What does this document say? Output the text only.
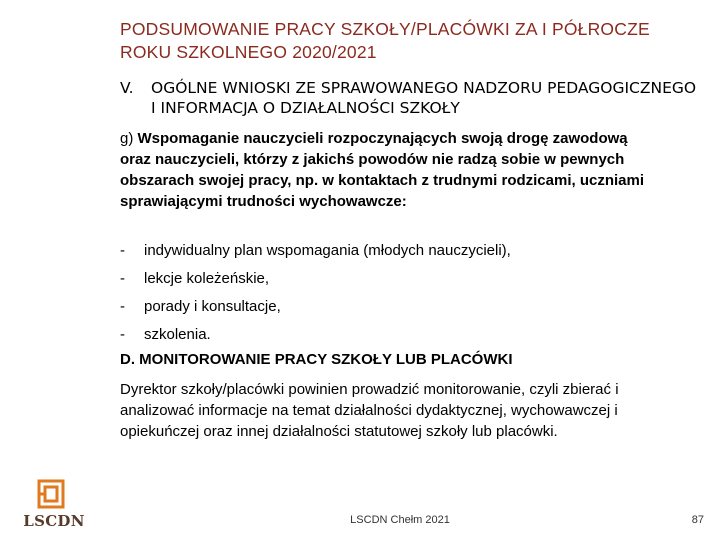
PODSUMOWANIE PRACY SZKOŁY/PLACÓWKI ZA I PÓŁROCZE ROKU SZKOLNEGO 2020/2021
V. OGÓLNE WNIOSKI ZE SPRAWOWANEGO NADZORU PEDAGOGICZNEGO I INFORMACJA O DZIAŁALNOŚCI SZKOŁY
g) Wspomaganie nauczycieli rozpoczynających swoją drogę zawodową oraz nauczycieli, którzy z jakichś powodów nie radzą sobie w pewnych obszarach swojej pracy, np. w kontaktach z trudnymi rodzicami, uczniami sprawiającymi trudności wychowawcze:
- indywidualny plan wspomagania (młodych nauczycieli),
- lekcje koleżeńskie,
- porady i konsultacje,
- szkolenia.
D. MONITOROWANIE PRACY SZKOŁY LUB PLACÓWKI
Dyrektor szkoły/placówki powinien prowadzić monitorowanie, czyli zbierać i analizować informacje na temat działalności dydaktycznej, wychowawczej i opiekuńczej oraz innej działalności statutowej szkoły lub placówki.
LSCDN	LSCDN Chełm 2021	87
